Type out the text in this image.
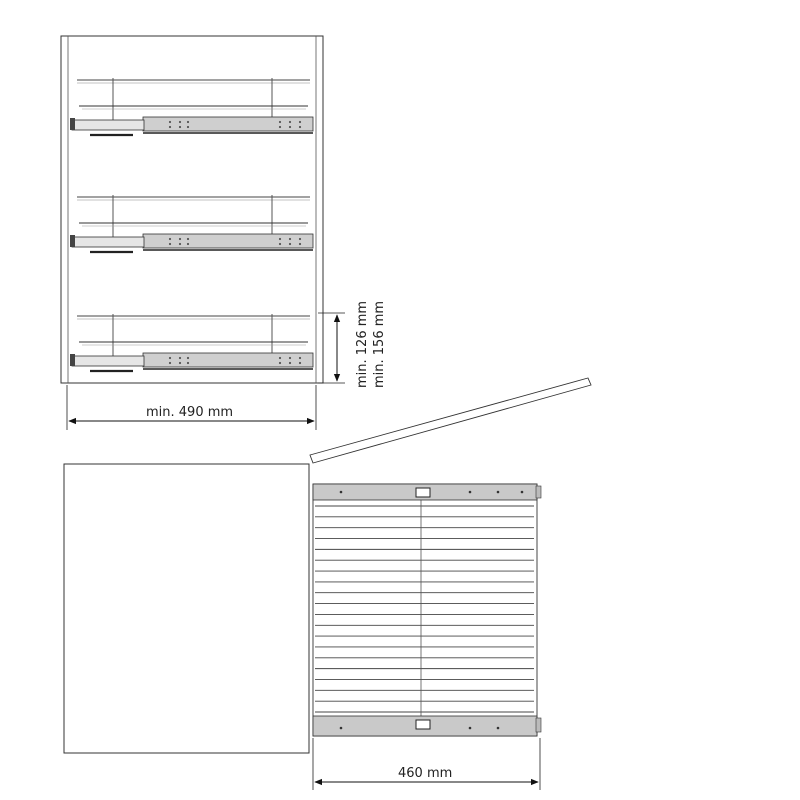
min. 126 mm min. 156 mm
min. 490 mm
460 mm
